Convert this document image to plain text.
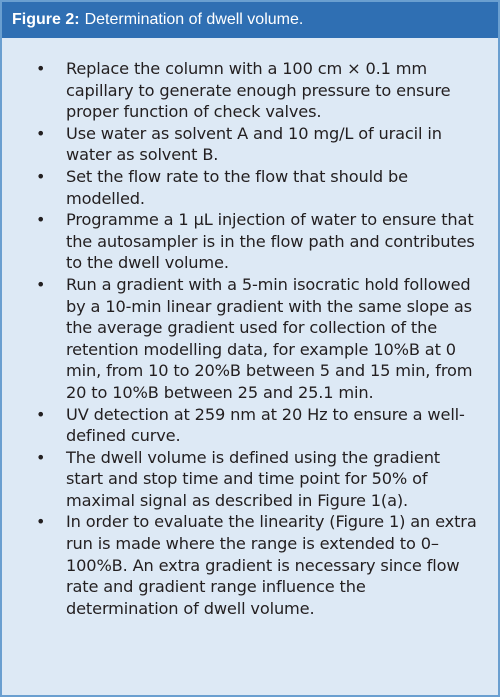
Figure 2: Determination of dwell volume.
• Replace the column with a 100 cm × 0.1 mm capillary to generate enough pressure to ensure proper function of check valves.
• Use water as solvent A and 10 mg/L of uracil in water as solvent B.
• Set the flow rate to the flow that should be modelled.
• Programme a 1 μL injection of water to ensure that the autosampler is in the flow path and contributes to the dwell volume.
• Run a gradient with a 5-min isocratic hold followed by a 10-min linear gradient with the same slope as the average gradient used for collection of the retention modelling data, for example 10%B at 0 min, from 10 to 20%B between 5 and 15 min, from 20 to 10%B between 25 and 25.1 min.
• UV detection at 259 nm at 20 Hz to ensure a well-defined curve.
• The dwell volume is defined using the gradient start and stop time and time point for 50% of maximal signal as described in Figure 1(a).
• In order to evaluate the linearity (Figure 1) an extra run is made where the range is extended to 0–100%B. An extra gradient is necessary since flow rate and gradient range influence the determination of dwell volume.
